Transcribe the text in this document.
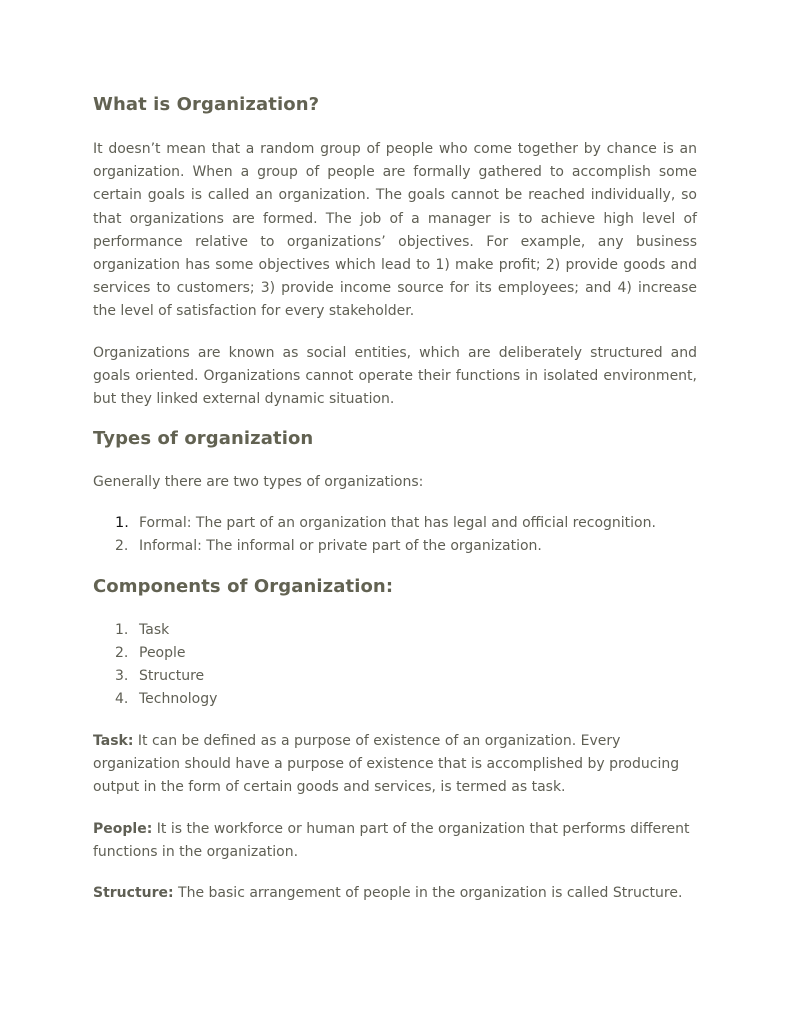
What is Organization?

It doesn’t mean that a random group of people who come together by chance is an organization. When a group of people are formally gathered to accomplish some certain goals is called an organization. The goals cannot be reached individually, so that organizations are formed. The job of a manager is to achieve high level of performance relative to organizations’ objectives. For example, any business organization has some objectives which lead to 1) make profit; 2) provide goods and services to customers; 3) provide income source for its employees; and 4) increase the level of satisfaction for every stakeholder.

Organizations are known as social entities, which are deliberately structured and goals oriented. Organizations cannot operate their functions in isolated environment, but they linked external dynamic situation.

Types of organization

Generally there are two types of organizations:

1. Formal: The part of an organization that has legal and official recognition.
2. Informal: The informal or private part of the organization.
Components of Organization:
1. Task
2. People
3. Structure
4. Technology

Task: It can be defined as a purpose of existence of an organization. Every organization should have a purpose of existence that is accomplished by producing output in the form of certain goods and services, is termed as task.

People: It is the workforce or human part of the organization that performs different functions in the organization.

Structure: The basic arrangement of people in the organization is called Structure.
